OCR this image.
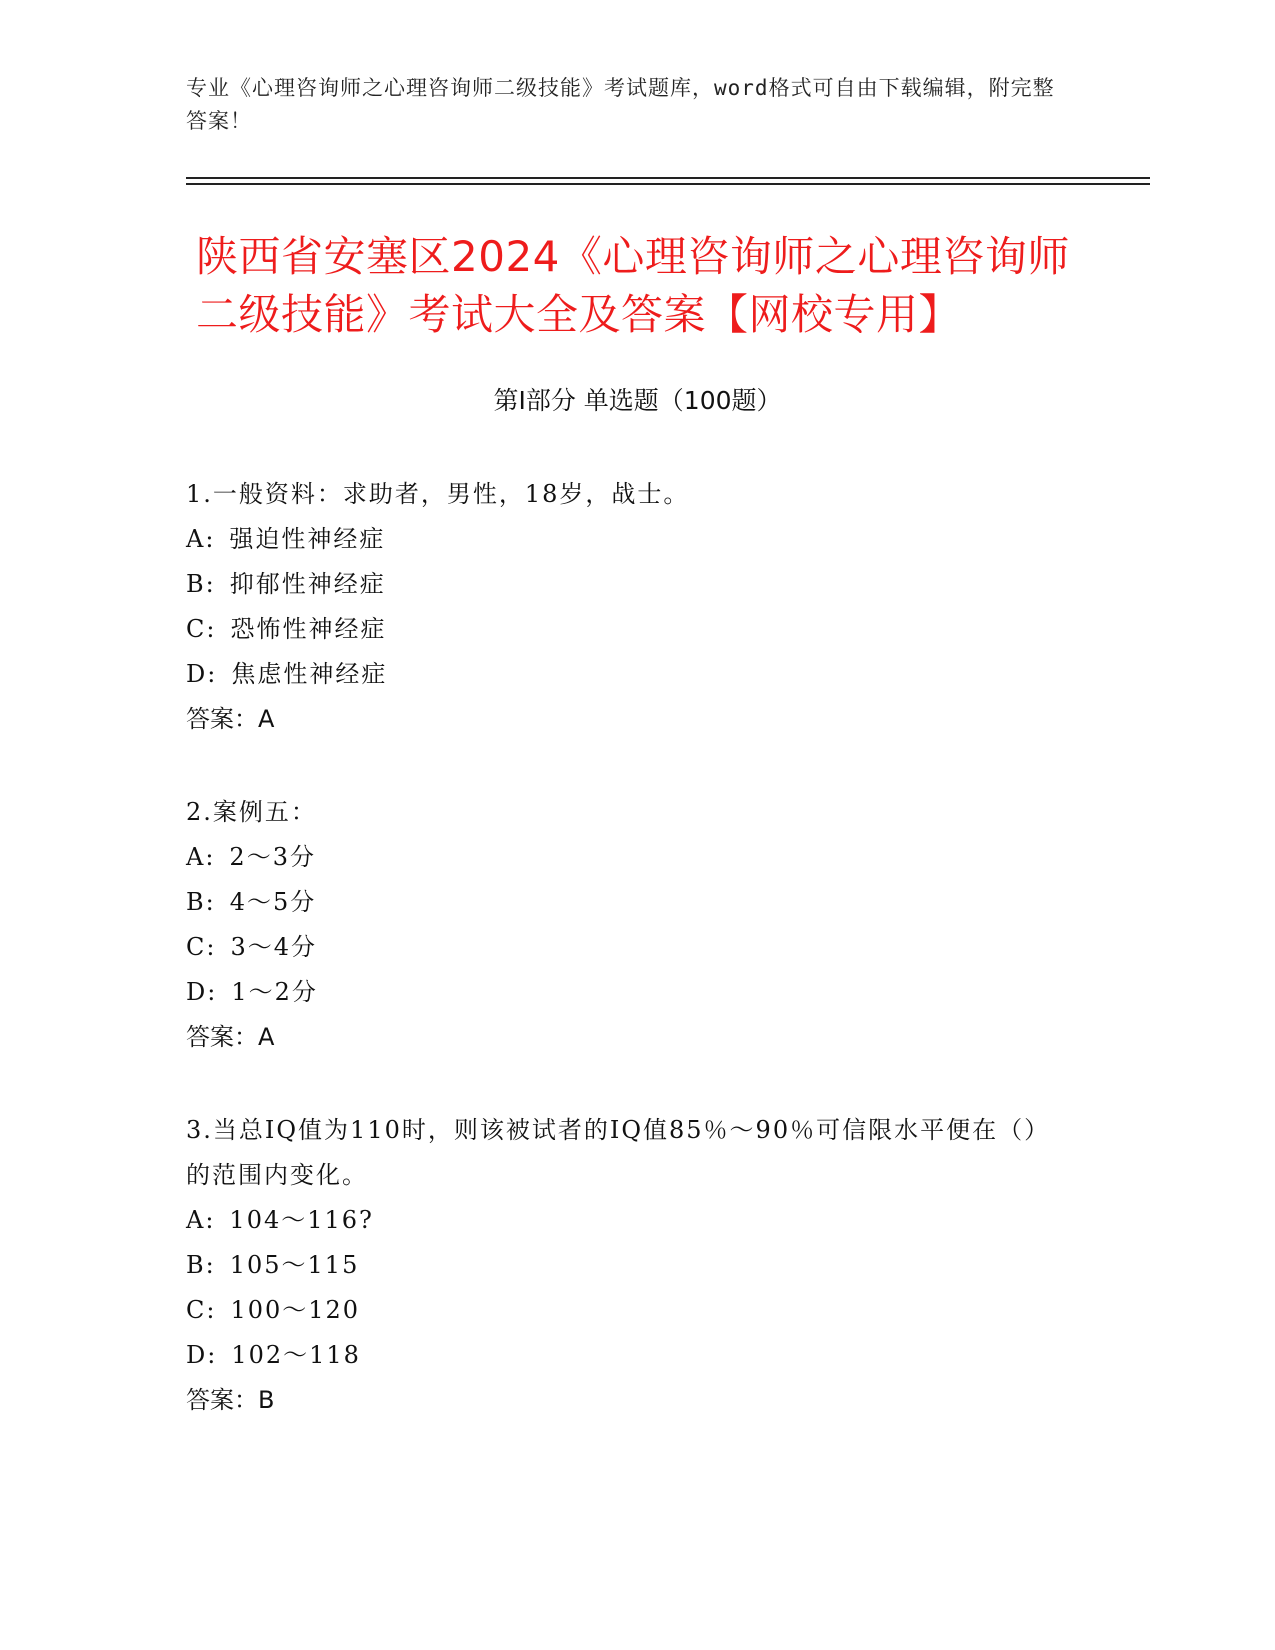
专业《心理咨询师之心理咨询师二级技能》考试题库，word格式可自由下载编辑，附完整答案！
陕西省安塞区2024《心理咨询师之心理咨询师二级技能》考试大全及答案【网校专用】
第Ⅰ部分 单选题（100题）
1.一般资料：求助者，男性，18岁，战士。
A: 强迫性神经症
B: 抑郁性神经症
C: 恐怖性神经症
D: 焦虑性神经症
答案：A
2.案例五：
A: 2～3分
B: 4～5分
C: 3～4分
D: 1～2分
答案：A
3.当总IQ值为110时，则该被试者的IQ值85％～90％可信限水平便在（）的范围内变化。
A: 104～116?
B: 105～115
C: 100～120
D: 102～118
答案：B
